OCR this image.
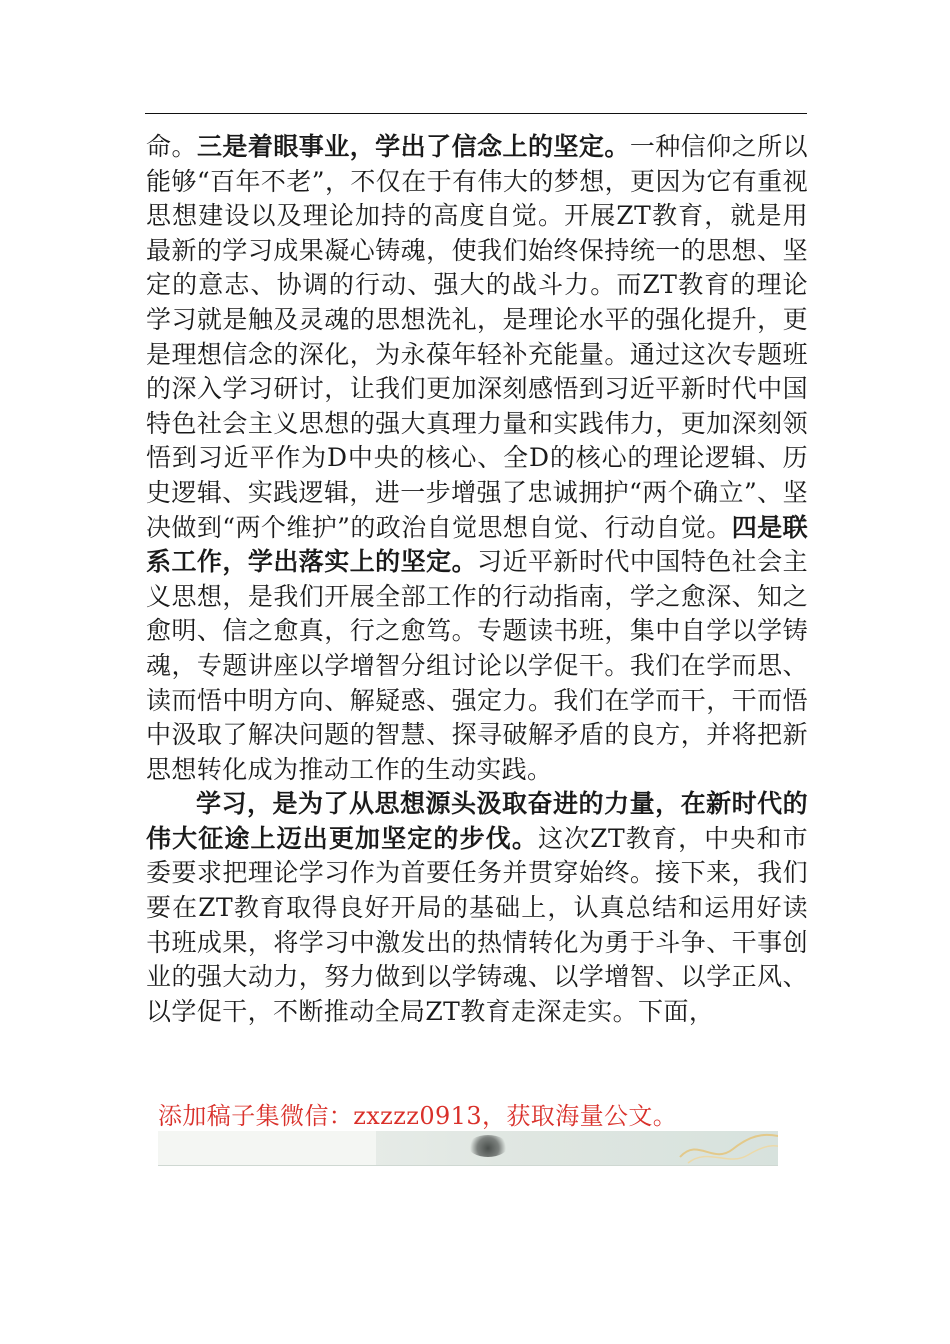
命。三是着眼事业，学出了信念上的坚定。一种信仰之所以能够“百年不老”，不仅在于有伟大的梦想，更因为它有重视思想建设以及理论加持的高度自觉。开展ZT教育，就是用最新的学习成果凝心铸魂，使我们始终保持统一的思想、坚定的意志、协调的行动、强大的战斗力。而ZT教育的理论学习就是触及灵魂的思想洗礼，是理论水平的强化提升，更是理想信念的深化，为永葆年轻补充能量。通过这次专题班的深入学习研讨，让我们更加深刻感悟到习近平新时代中国特色社会主义思想的强大真理力量和实践伟力，更加深刻领悟到习近平作为D中央的核心、全D的核心的理论逻辑、历史逻辑、实践逻辑，进一步增强了忠诚拥护“两个确立”、坚决做到“两个维护”的政治自觉思想自觉、行动自觉。四是联系工作，学出落实上的坚定。习近平新时代中国特色社会主义思想，是我们开展全部工作的行动指南，学之愈深、知之愈明、信之愈真，行之愈笃。专题读书班，集中自学以学铸魂，专题讲座以学增智分组讨论以学促干。我们在学而思、读而悟中明方向、解疑惑、强定力。我们在学而干，干而悟中汲取了解决问题的智慧、探寻破解矛盾的良方，并将把新思想转化成为推动工作的生动实践。

学习，是为了从思想源头汲取奋进的力量，在新时代的伟大征途上迈出更加坚定的步伐。这次ZT教育，中央和市委要求把理论学习作为首要任务并贯穿始终。接下来，我们要在ZT教育取得良好开局的基础上，认真总结和运用好读书班成果，将学习中激发出的热情转化为勇于斗争、干事创业的强大动力，努力做到以学铸魂、以学增智、以学正风、以学促干，不断推动全局ZT教育走深走实。下面，

添加稿子集微信：zxzzz0913，获取海量公文。
